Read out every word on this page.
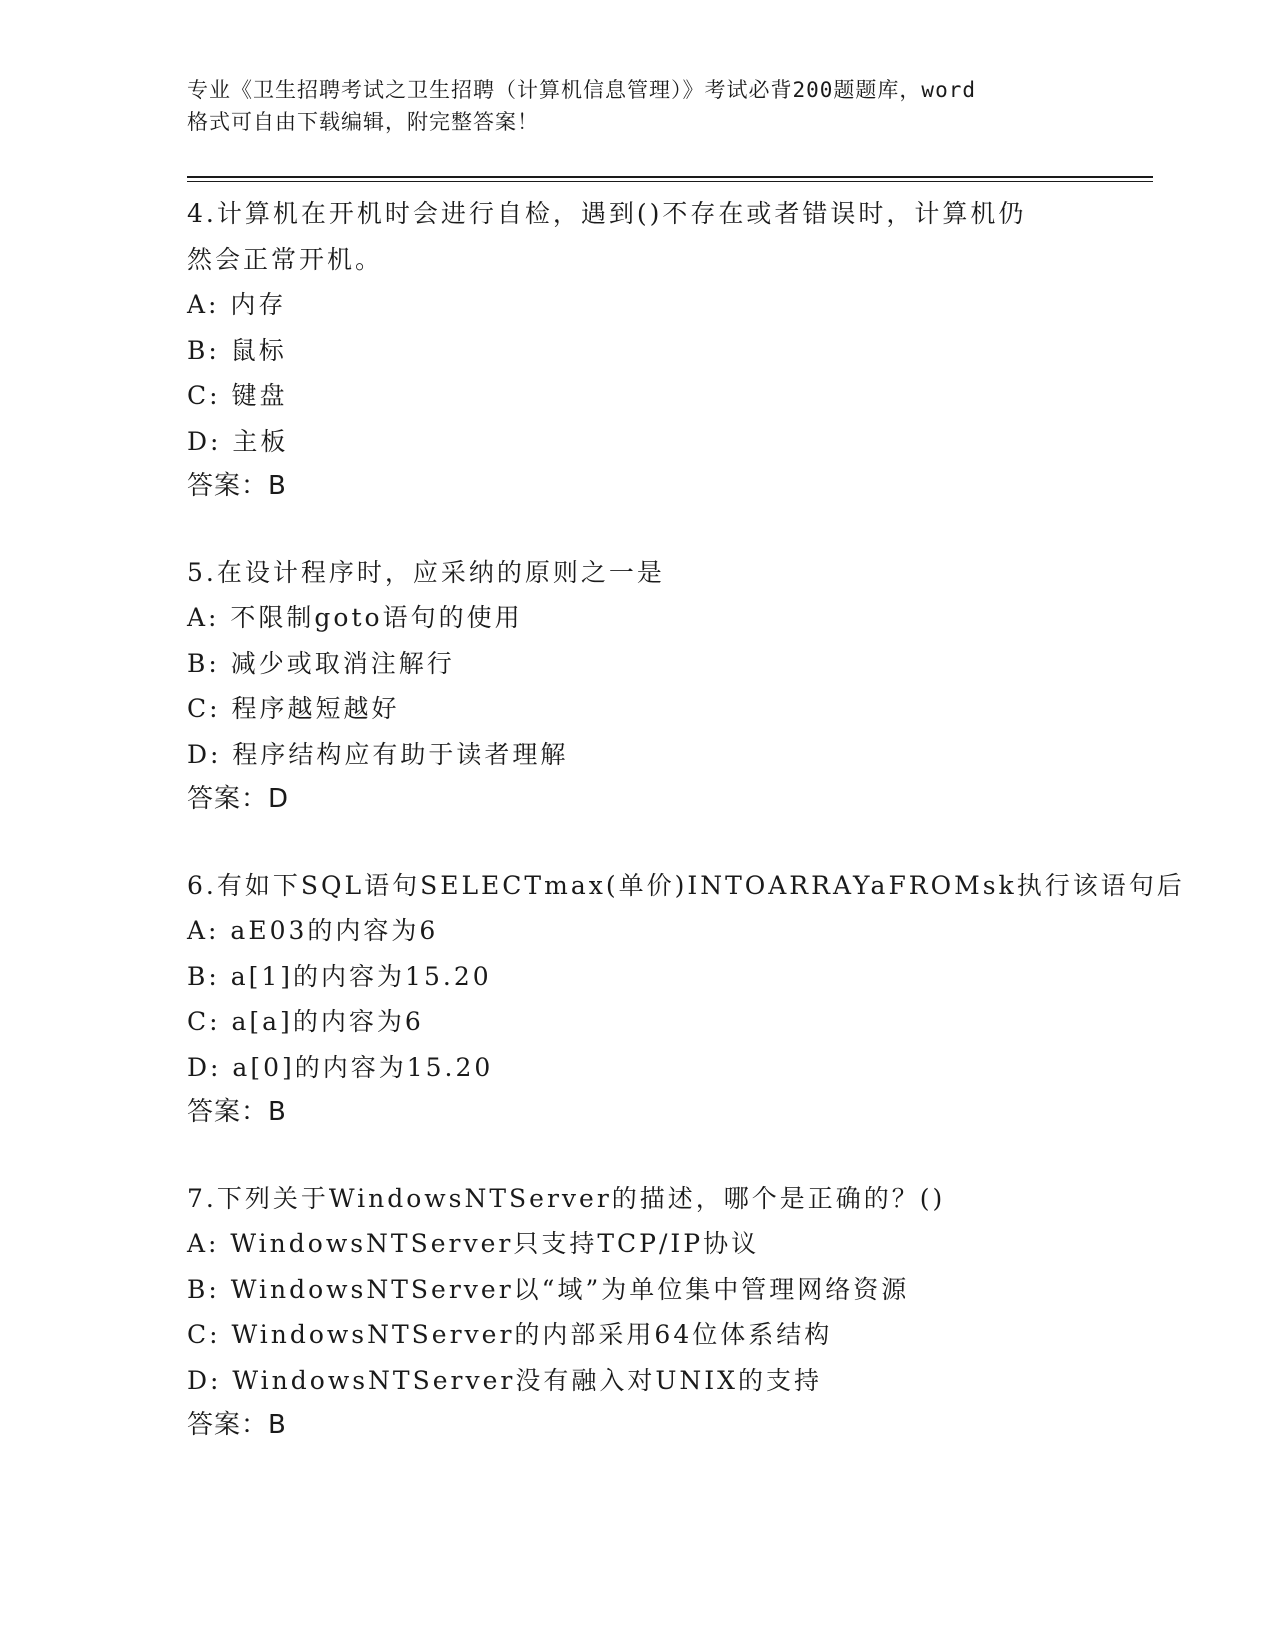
专业《卫生招聘考试之卫生招聘（计算机信息管理）》考试必背200题题库，word
格式可自由下载编辑，附完整答案！
4.计算机在开机时会进行自检，遇到()不存在或者错误时，计算机仍
然会正常开机。
A: 内存
B: 鼠标
C: 键盘
D: 主板
答案：B
5.在设计程序时，应采纳的原则之一是
A: 不限制goto语句的使用
B: 减少或取消注解行
C: 程序越短越好
D: 程序结构应有助于读者理解
答案：D
6.有如下SQL语句SELECTmax(单价)INTOARRAYaFROMsk执行该语句后
A: aE03的内容为6
B: a[1]的内容为15.20
C: a[a]的内容为6
D: a[0]的内容为15.20
答案：B
7.下列关于WindowsNTServer的描述，哪个是正确的？()
A: WindowsNTServer只支持TCP/IP协议
B: WindowsNTServer以“域”为单位集中管理网络资源
C: WindowsNTServer的内部采用64位体系结构
D: WindowsNTServer没有融入对UNIX的支持
答案：B
